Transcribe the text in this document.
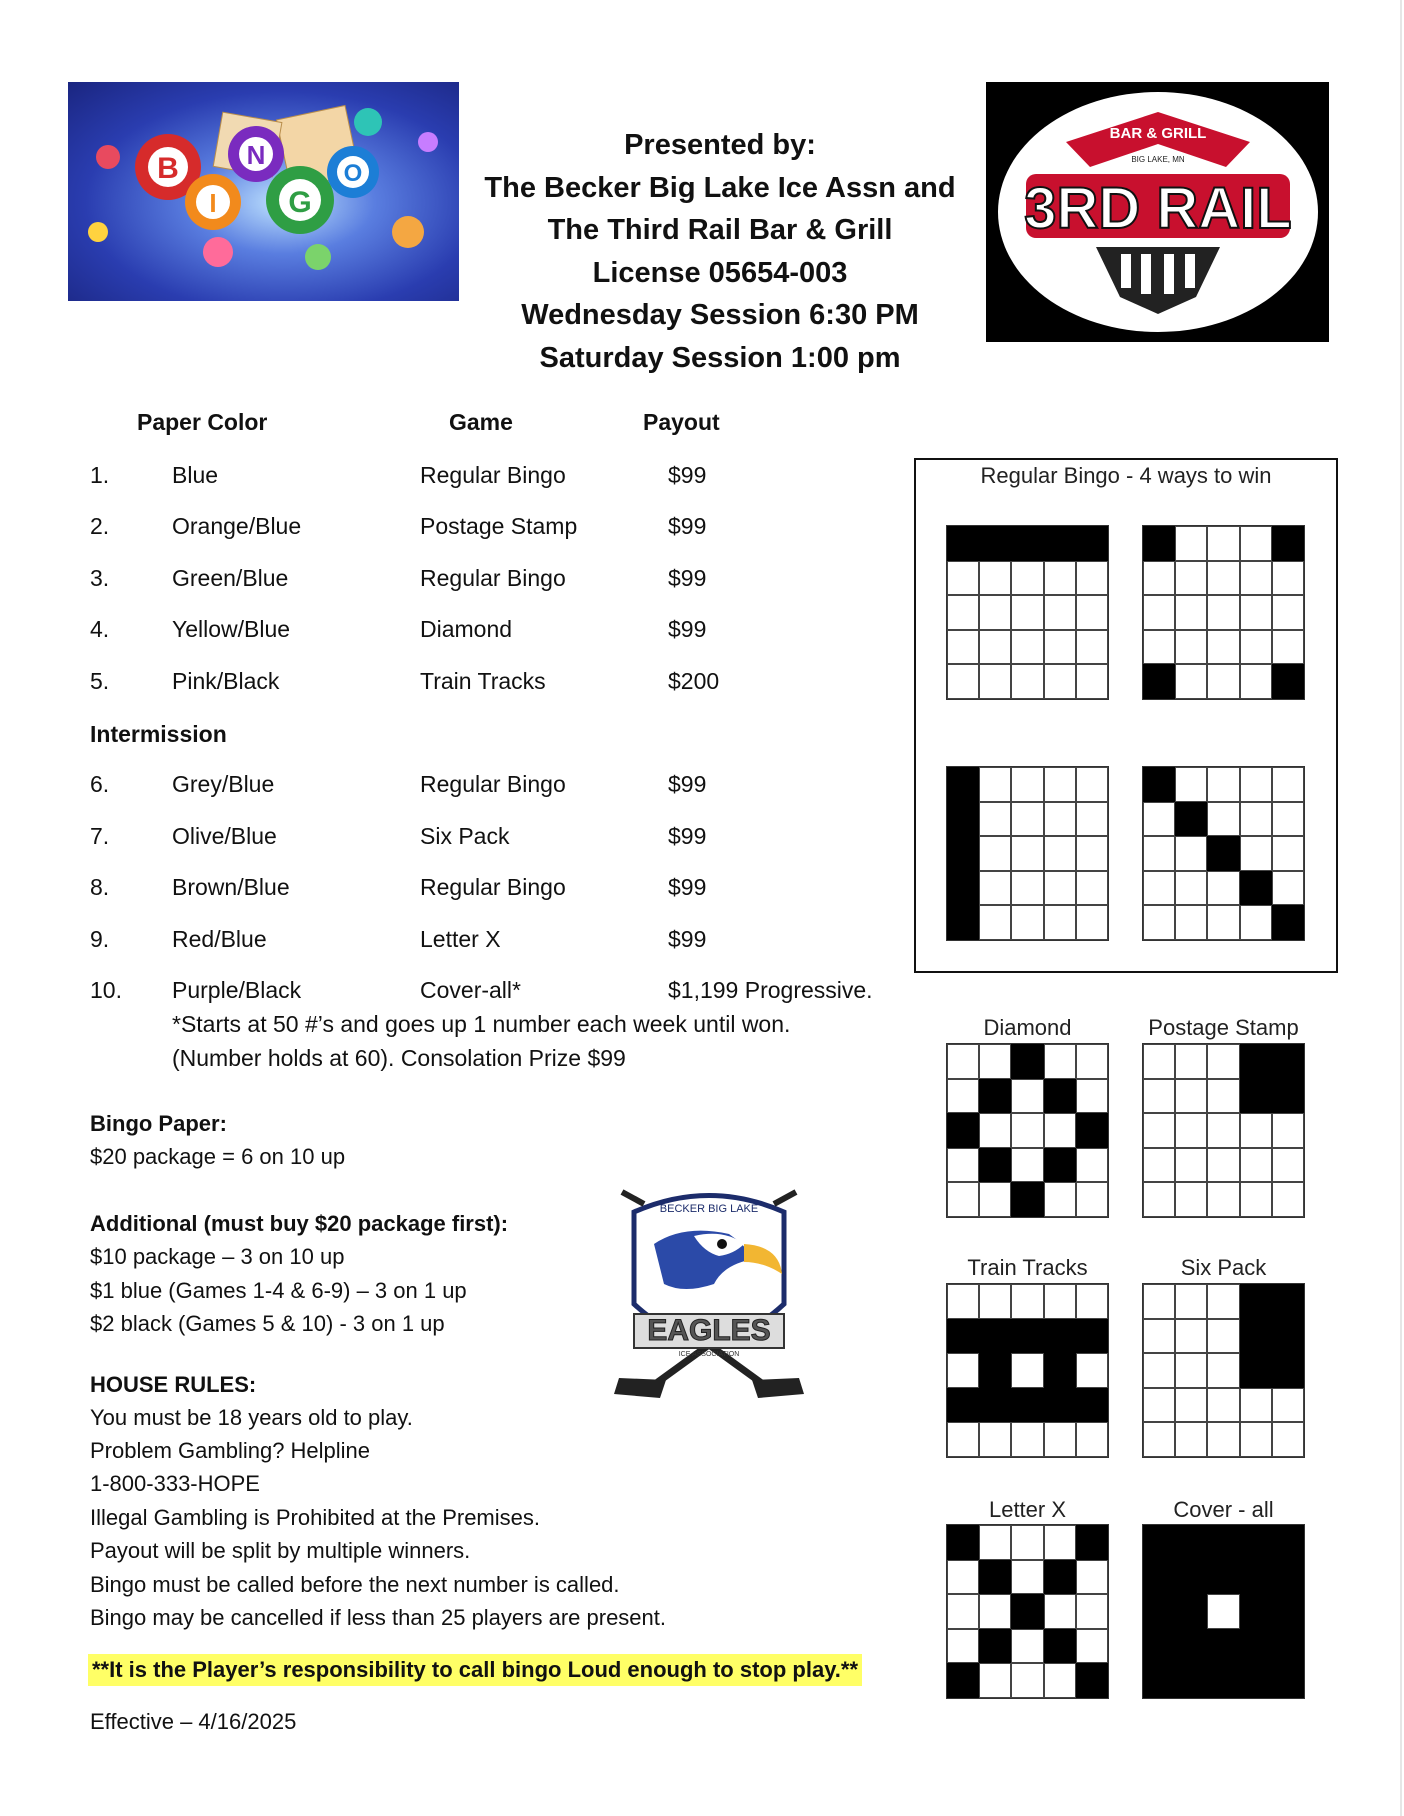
B
I
N
G
O
Presented by:
The Becker Big Lake Ice Assn and
The Third Rail Bar & Grill
License 05654-003
Wednesday Session 6:30 PM
Saturday Session 1:00 pm
BAR & GRILL
BIG LAKE, MN
3RD RAIL
Paper Color	Game	Payout
1.	Blue	Regular Bingo	$99
2.	Orange/Blue	Postage Stamp	$99
3.	Green/Blue	Regular Bingo	$99
4.	Yellow/Blue	Diamond	$99
5.	Pink/Black	Train Tracks	$200
Intermission
6.	Grey/Blue	Regular Bingo	$99
7.	Olive/Blue	Six Pack	$99
8.	Brown/Blue	Regular Bingo	$99
9.	Red/Blue	Letter X	$99
10. Purple/Black	Cover-all*	$1,199 Progressive.
*Starts at 50 #’s and goes up 1 number each week until won.
(Number holds at 60). Consolation Prize $99
Bingo Paper:
$20 package = 6 on 10 up
Additional (must buy $20 package first):
$10 package – 3 on 10 up
$1 blue (Games 1-4 & 6-9) – 3 on 1 up
$2 black (Games 5 & 10) - 3 on 1 up
HOUSE RULES:
You must be 18 years old to play.
Problem Gambling? Helpline
1-800-333-HOPE
Illegal Gambling is Prohibited at the Premises.
Payout will be split by multiple winners.
Bingo must be called before the next number is called.
Bingo may be cancelled if less than 25 players are present.
**It is the Player’s responsibility to call bingo Loud enough to stop play.**
Effective – 4/16/2025
BECKER BIG LAKE
EAGLES
ICE ASSOCIATION
Regular Bingo - 4 ways to win
Diamond	Postage Stamp
Train Tracks	Six Pack
Letter X	Cover - all
